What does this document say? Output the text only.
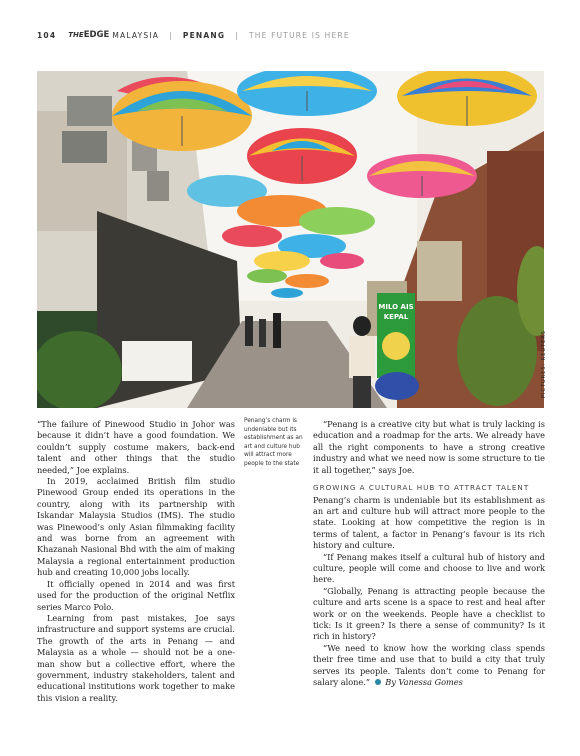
104 THE EDGE MALAYSIA | PENANG | THE FUTURE IS HERE
MILO AIS
KEPAL
PICTURES: REUTERS

“The failure of Pinewood Studio in Johor was because it didn’t have a good foundation. We couldn’t supply costume makers, back-end talent and other things that the studio needed,” Joe explains.

In 2019, acclaimed British film studio Pinewood Group ended its operations in the country, along with its partnership with Iskandar Malaysia Studios (IMS). The studio was Pinewood’s only Asian filmmaking facility and was borne from an agreement with Khazanah Nasional Bhd with the aim of making Malaysia a regional entertainment production hub and creating 10,000 jobs locally.

It officially opened in 2014 and was first used for the production of the original Netflix series Marco Polo.

Learning from past mistakes, Joe says infrastructure and support systems are crucial. The growth of the arts in Penang — and Malaysia as a whole — should not be a one-man show but a collective effort, where the government, industry stakeholders, talent and educational institutions work together to make this vision a reality.

Penang’s charm is undeniable but its establishment as an art and culture hub will attract more people to the state

“Penang is a creative city but what is truly lacking is education and a roadmap for the arts. We already have all the right components to have a strong creative industry and what we need now is some structure to tie it all together,” says Joe.

GROWING A CULTURAL HUB TO ATTRACT TALENT

Penang’s charm is undeniable but its establishment as an art and culture hub will attract more people to the state. Looking at how competitive the region is in terms of talent, a factor in Penang’s favour is its rich history and culture.

“If Penang makes itself a cultural hub of history and culture, people will come and choose to live and work here.

“Globally, Penang is attracting people because the culture and arts scene is a space to rest and heal after work or on the weekends. People have a checklist to tick: Is it green? Is there a sense of community? Is it rich in history?

“We need to know how the working class spends their free time and use that to build a city that truly serves its people. Talents don’t come to Penang for salary alone.” By Vanessa Gomes
